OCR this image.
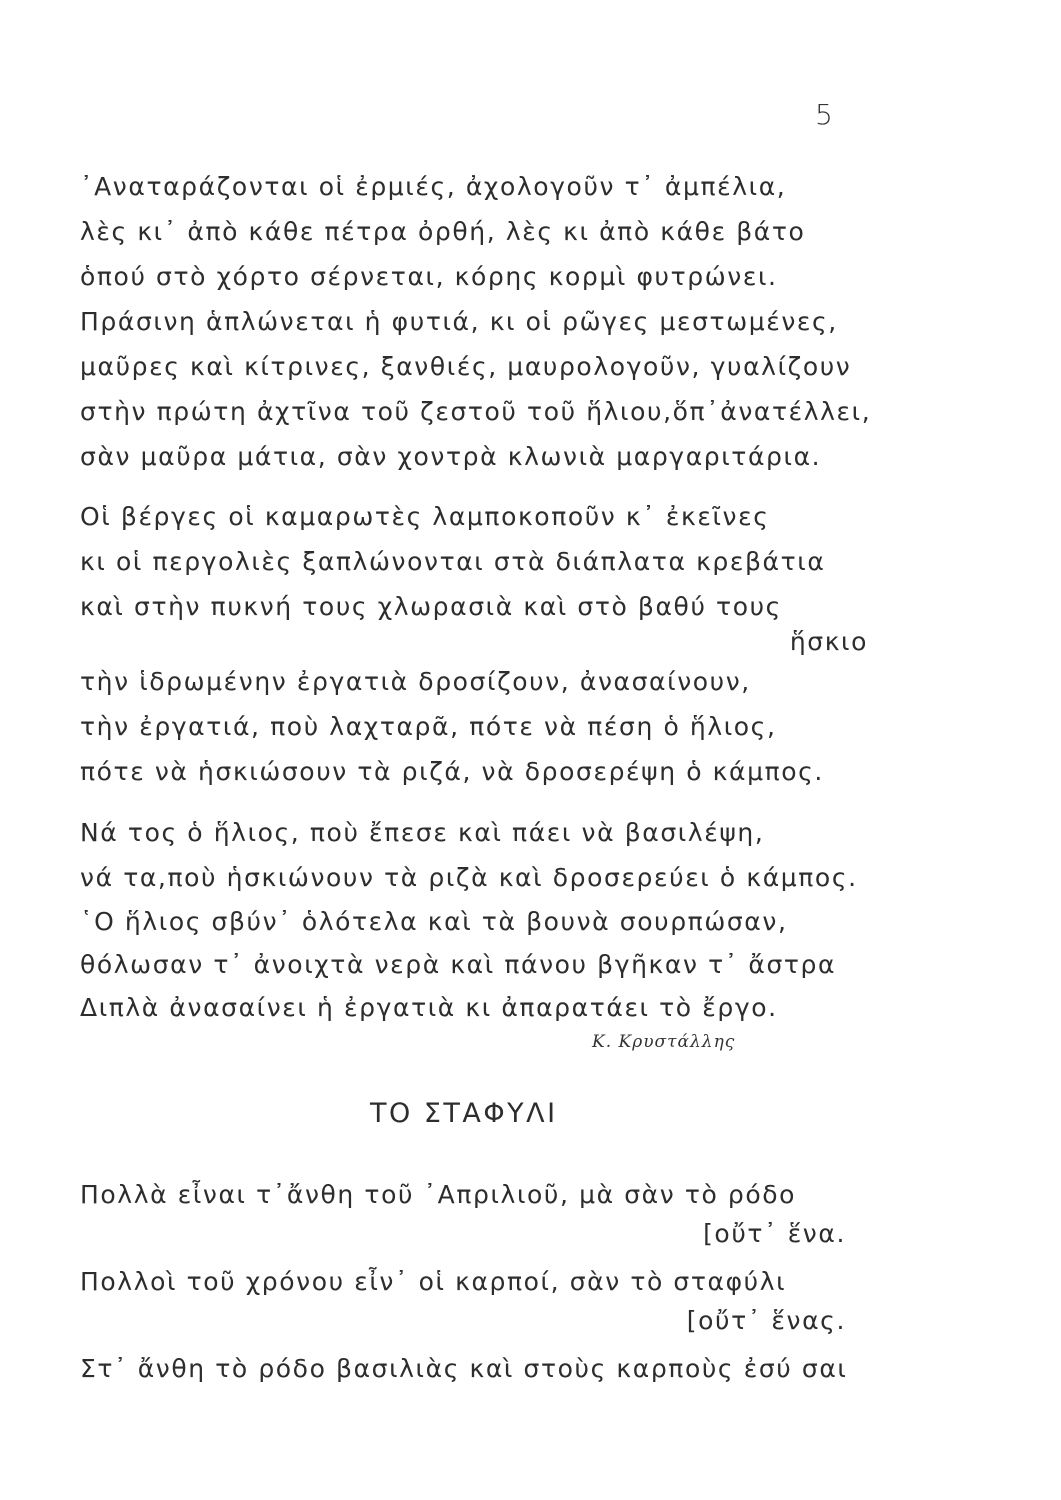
5
᾿Αναταράζονται οἱ ἐρμιές, ἀχολογοῦν τ᾿ ἀμπέλια,
λὲς κι᾿ ἀπὸ κάθε πέτρα ὀρθή, λὲς κι ἀπὸ κάθε βάτο
ὁπού στὸ χόρτο σέρνεται, κόρης κορμὶ φυτρώνει.
Πράσινη ἁπλώνεται ἡ φυτιά, κι οἱ ρῶγες μεστωμένες,
μαῦρες καὶ κίτρινες, ξανθιές, μαυρολογοῦν, γυαλίζουν
στὴν πρώτη ἀχτῖνα τοῦ ζεστοῦ τοῦ ἥλιου,ὅπ᾿ἀνατέλλει,
σὰν μαῦρα μάτια, σὰν χοντρὰ κλωνιὰ μαργαριτάρια.
Οἱ βέργες οἱ καμαρωτὲς λαμποκοποῦν κ᾿ ἐκεῖνες
κι οἱ περγολιὲς ξαπλώνονται στὰ διάπλατα κρεβάτια
καὶ στὴν πυκνή τους χλωρασιὰ καὶ στὸ βαθύ τους
ἥσκιο
τὴν ἱδρωμένην ἐργατιὰ δροσίζουν, ἀνασαίνουν,
τὴν ἐργατιά, ποὺ λαχταρᾶ, πότε νὰ πέση ὁ ἥλιος,
πότε νὰ ἡσκιώσουν τὰ ριζά, νὰ δροσερέψη ὁ κάμπος.
Νά τος ὁ ἥλιος, ποὺ ἔπεσε καὶ πάει νὰ βασιλέψη,
νά τα,ποὺ ἡσκιώνουν τὰ ριζὰ καὶ δροσερεύει ὁ κάμπος.
῾Ο ἥλιος σβύν᾿ ὁλότελα καὶ τὰ βουνὰ σουρπώσαν,
θόλωσαν τ᾿ ἀνοιχτὰ νερὰ καὶ πάνου βγῆκαν τ᾿ ἄστρα
Διπλὰ ἀνασαίνει ἡ ἐργατιὰ κι ἀπαρατάει τὸ ἔργο.
Κ. Κρυστάλλης
ΤΟ ΣΤΑΦΥΛΙ
Πολλὰ εἶναι τ᾿ἄνθη τοῦ ᾿Απριλιοῦ, μὰ σὰν τὸ ρόδο
[οὔτ᾿ ἕνα.
Πολλοὶ τοῦ χρόνου εἶν᾿ οἱ καρποί, σὰν τὸ σταφύλι
[οὔτ᾿ ἕνας.
Στ᾿ ἄνθη τὸ ρόδο βασιλιὰς καὶ στοὺς καρποὺς ἐσύ σαι
